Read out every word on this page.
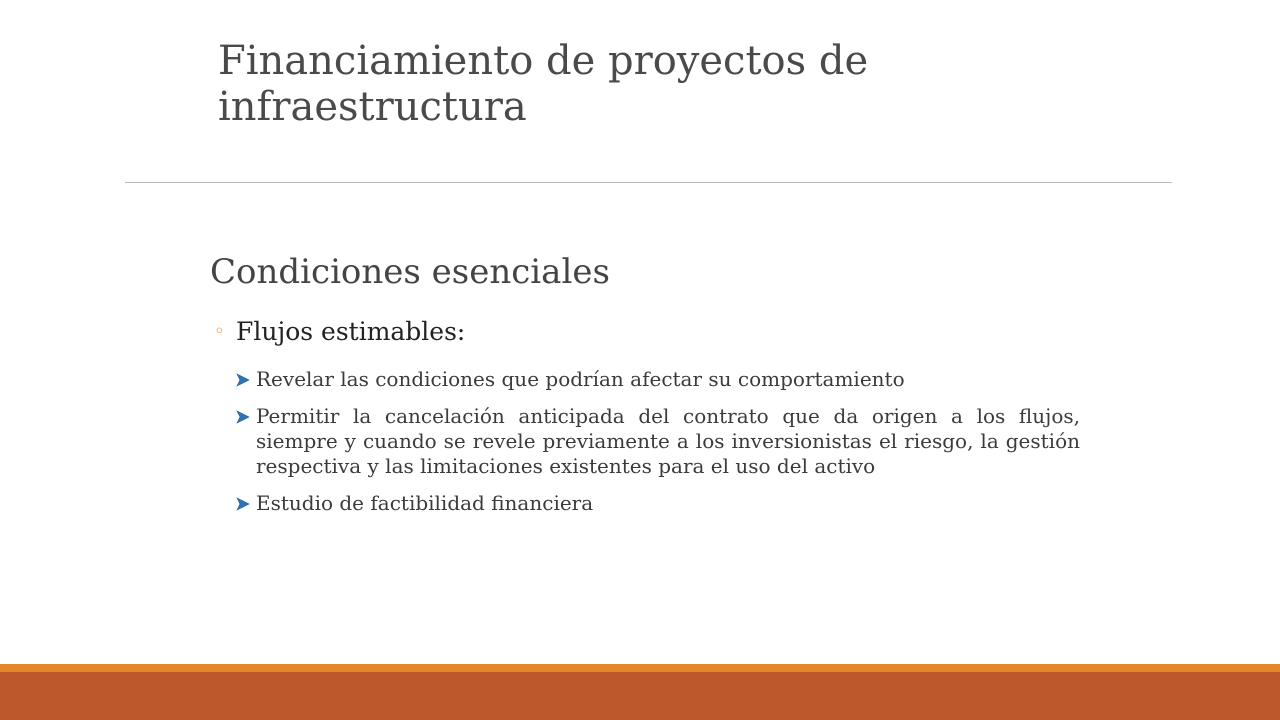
Financiamiento de proyectos de infraestructura
Condiciones esenciales
◦ Flujos estimables:
Revelar las condiciones que podrían afectar su comportamiento
Permitir la cancelación anticipada del contrato que da origen a los flujos, siempre y cuando se revele previamente a los inversionistas el riesgo, la gestión respectiva y las limitaciones existentes para el uso del activo
Estudio de factibilidad financiera
